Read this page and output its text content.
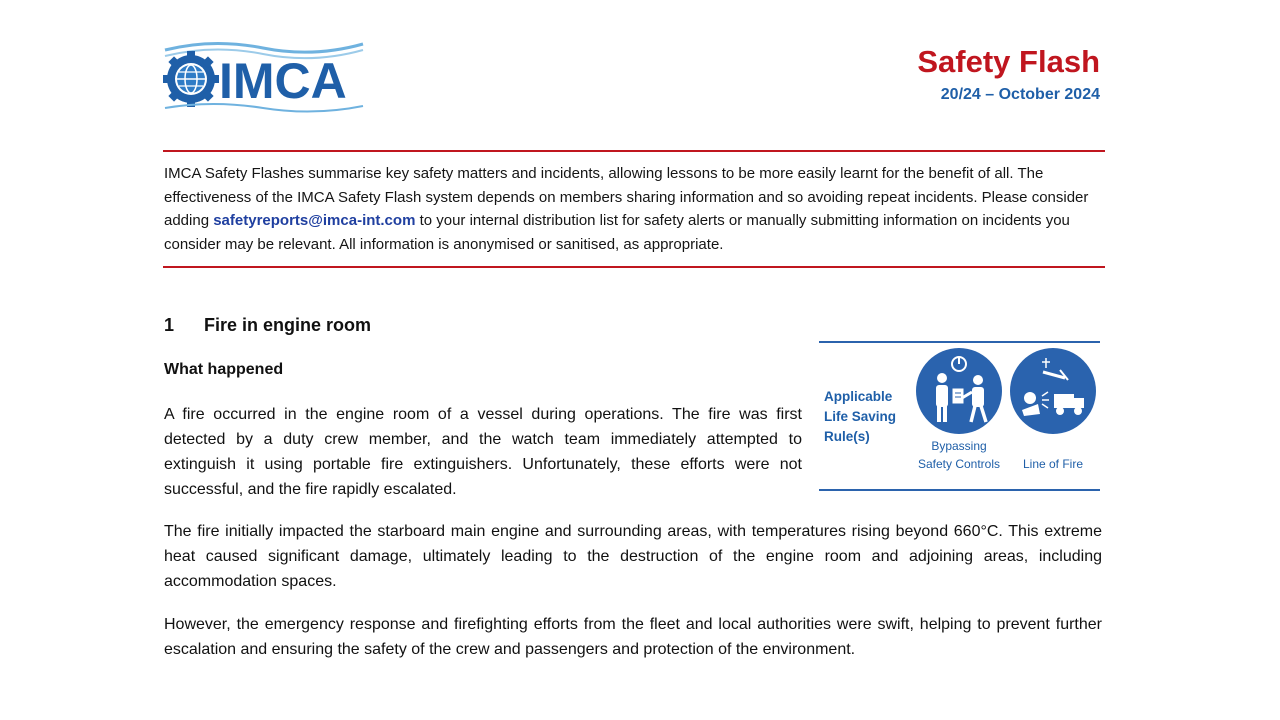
IMCA	Safety Flash
20/24 – October 2024
IMCA Safety Flashes summarise key safety matters and incidents, allowing lessons to be more easily learnt for the benefit of all. The effectiveness of the IMCA Safety Flash system depends on members sharing information and so avoiding repeat incidents. Please consider adding safetyreports@imca-int.com to your internal distribution list for safety alerts or manually submitting information on incidents you consider may be relevant. All information is anonymised or sanitised, as appropriate.
1 Fire in engine room
What happened
A fire occurred in the engine room of a vessel during operations. The fire was first detected by a duty crew member, and the watch team immediately attempted to extinguish it using portable fire extinguishers. Unfortunately, these efforts were not successful, and the fire rapidly escalated.
The fire initially impacted the starboard main engine and surrounding areas, with temperatures rising beyond 660°C. This extreme heat caused significant damage, ultimately leading to the destruction of the engine room and adjoining areas, including accommodation spaces.
However, the emergency response and firefighting efforts from the fleet and local authorities were swift, helping to prevent further escalation and ensuring the safety of the crew and passengers and protection of the environment.
Applicable Life Saving Rule(s)
Bypassing Safety Controls	Line of Fire
